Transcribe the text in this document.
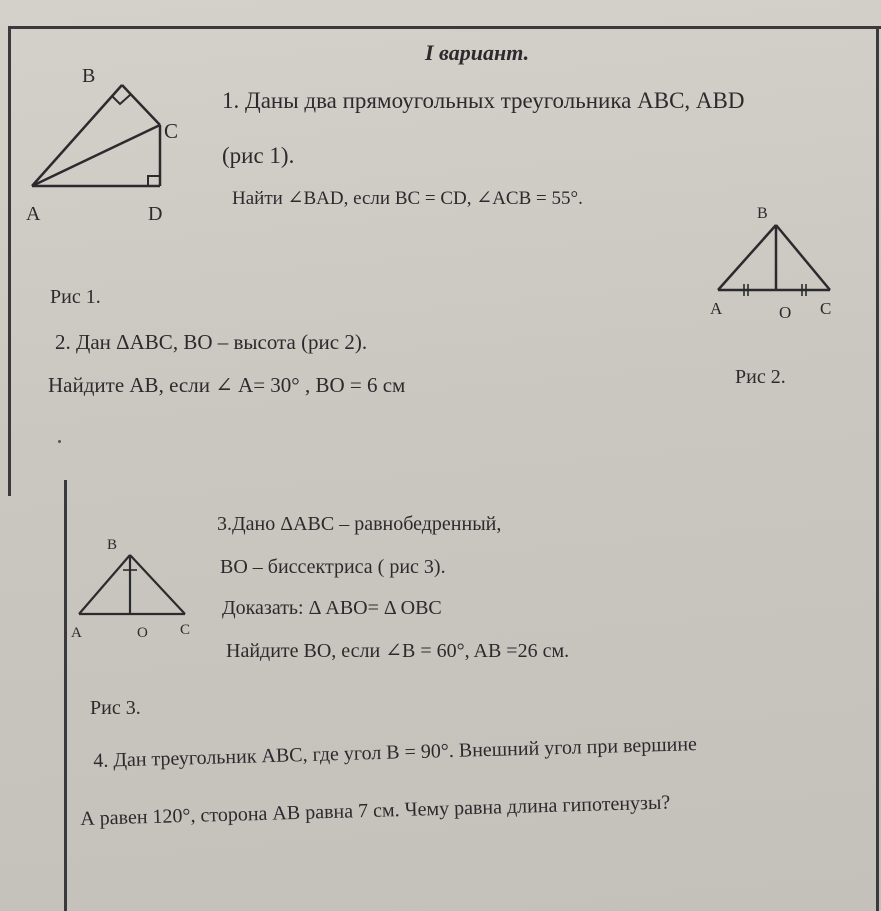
I вариант.
B
C
A	D
1. Даны два прямоугольных треугольника АВС, ABD
(рис 1).
Найти ∠BAD, если BC = CD, ∠ACB = 55°.
Рис 1.
B
A	O C
2. Дан ΔАВС, ВО – высота (рис 2).
Найдите АВ, если ∠ A= 30° , ВО = 6 см	Рис 2.
B
A	O C
3.Дано ΔАВС – равнобедренный,
ВО – биссектриса ( рис 3).
Доказать: Δ АВО= Δ ОВС
Найдите ВО, если ∠B = 60°, AB =26 см.
Рис 3.
4. Дан треугольник АВС, где угол В = 90°. Внешний угол при вершине
А равен 120°, сторона АВ равна 7 см. Чему равна длина гипотенузы?
